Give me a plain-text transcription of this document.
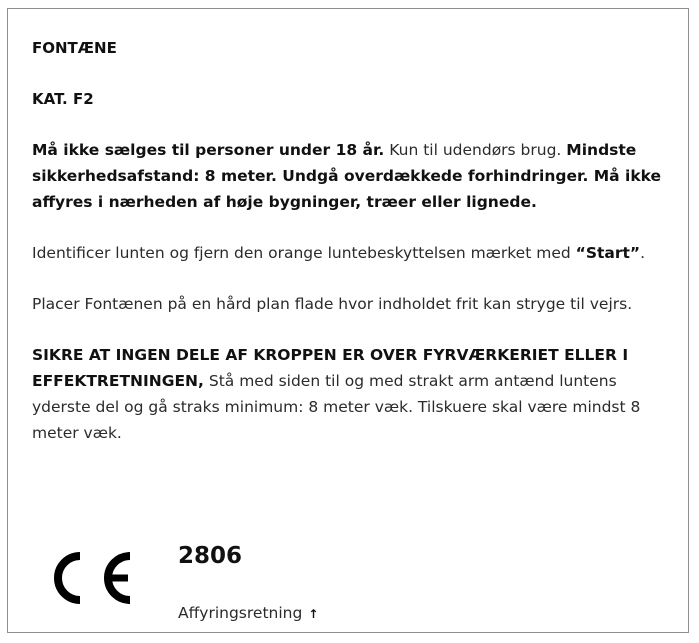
FONTÆNE
KAT. F2
Må ikke sælges til personer under 18 år. Kun til udendørs brug. Mindste sikkerhedsafstand: 8 meter. Undgå overdækkede forhindringer. Må ikke affyres i nærheden af høje bygninger, træer eller lignede.
Identificer lunten og fjern den orange luntebeskyttelsen mærket med “Start”.
Placer Fontænen på en hård plan flade hvor indholdet frit kan stryge til vejrs.
SIKRE AT INGEN DELE AF KROPPEN ER OVER FYRVÆRKERIET ELLER I EFFEKTRETNINGEN, Stå med siden til og med strakt arm antænd luntens yderste del og gå straks minimum: 8 meter væk. Tilskuere skal være mindst 8 meter væk.
2806
Affyringsretning ↑
